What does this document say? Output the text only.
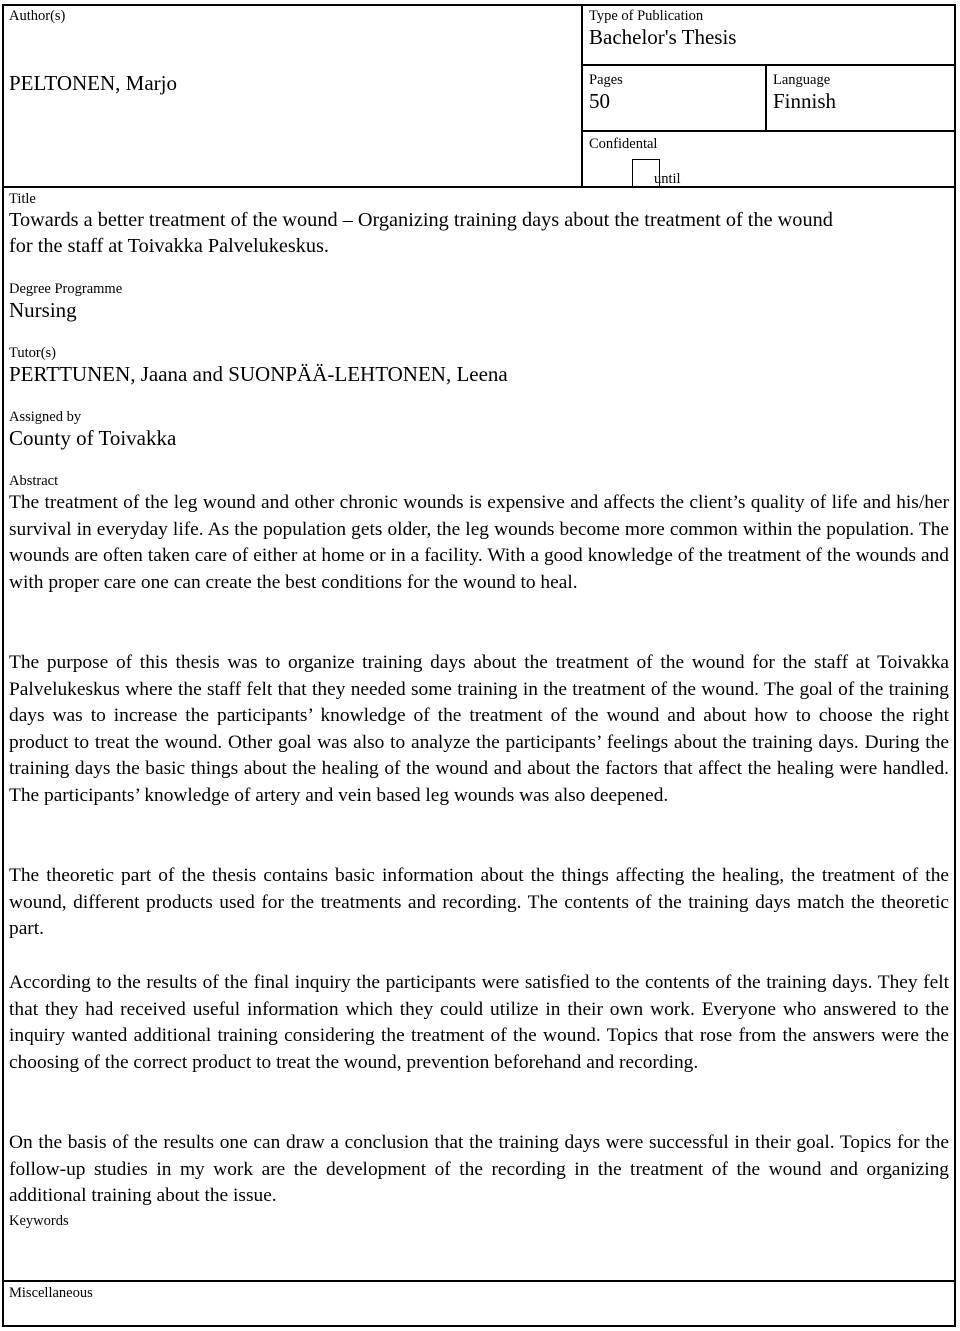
Author(s)
PELTONEN, Marjo
Type of Publication
Bachelor's Thesis
Pages
50
Language
Finnish
Confidental
until
Title
Towards a better treatment of the wound – Organizing training days about the treatment of the wound
for the staff at Toivakka Palvelukeskus.
Degree Programme
Nursing
Tutor(s)
PERTTUNEN, Jaana and SUONPÄÄ-LEHTONEN, Leena
Assigned by
County of Toivakka
Abstract

The treatment of the leg wound and other chronic wounds is expensive and affects the client’s quality of life and his/her survival in everyday life. As the population gets older, the leg wounds become more common within the population. The wounds are often taken care of either at home or in a facility. With a good knowledge of the treatment of the wounds and with proper care one can create the best conditions for the wound to heal.

The purpose of this thesis was to organize training days about the treatment of the wound for the staff at Toivakka Palvelukeskus where the staff felt that they needed some training in the treatment of the wound. The goal of the training days was to increase the participants’ knowledge of the treatment of the wound and about how to choose the right product to treat the wound. Other goal was also to analyze the participants’ feelings about the training days. During the training days the basic things about the healing of the wound and about the factors that affect the healing were handled. The participants’ knowledge of artery and vein based leg wounds was also deepened.

The theoretic part of the thesis contains basic information about the things affecting the healing, the treatment of the wound, different products used for the treatments and recording. The contents of the training days match the theoretic part.

According to the results of the final inquiry the participants were satisfied to the contents of the training days. They felt that they had received useful information which they could utilize in their own work. Everyone who answered to the inquiry wanted additional training considering the treatment of the wound. Topics that rose from the answers were the choosing of the correct product to treat the wound, prevention beforehand and recording.

On the basis of the results one can draw a conclusion that the training days were successful in their goal. Topics for the follow-up studies in my work are the development of the recording in the treatment of the wound and organizing additional training about the issue.

Keywords
Miscellaneous
